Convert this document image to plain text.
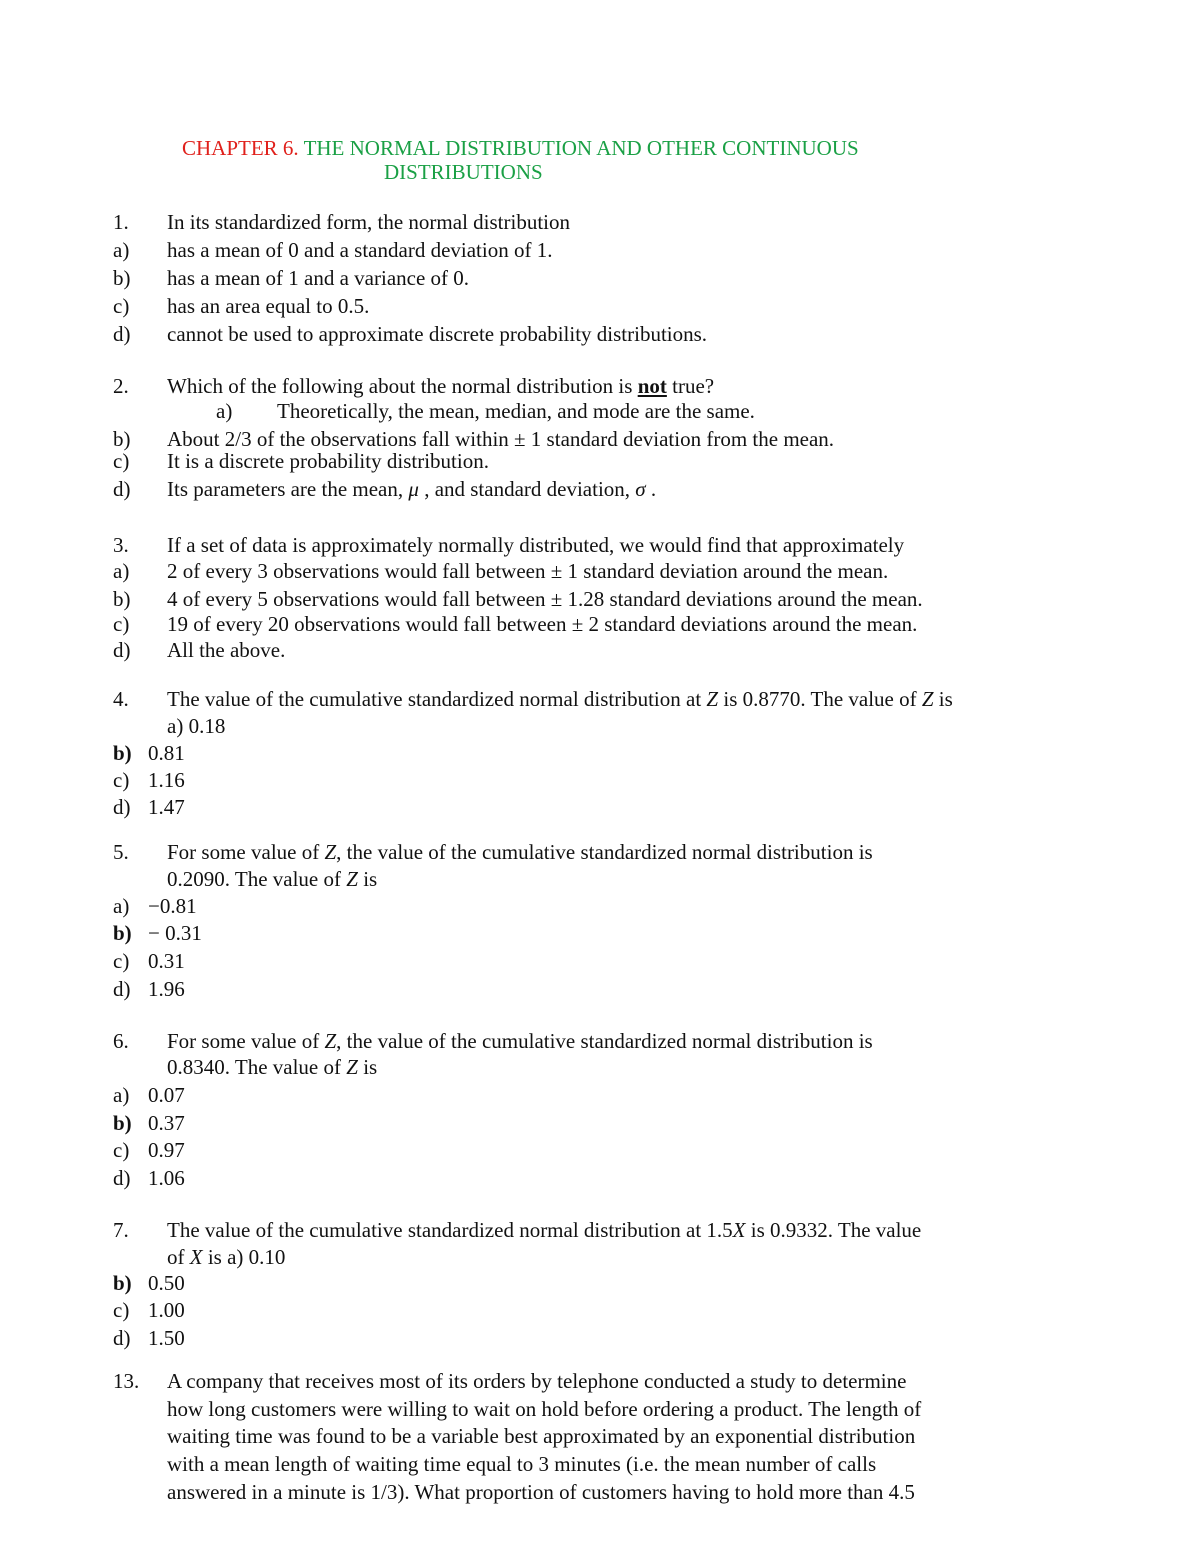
CHAPTER 6. THE NORMAL DISTRIBUTION AND OTHER CONTINUOUS
DISTRIBUTIONS
1. In its standardized form, the normal distribution
a) has a mean of 0 and a standard deviation of 1.
b) has a mean of 1 and a variance of 0.
c) has an area equal to 0.5.
d) cannot be used to approximate discrete probability distributions.
2. Which of the following about the normal distribution is not true?
a) Theoretically, the mean, median, and mode are the same.
b) About 2/3 of the observations fall within ± 1 standard deviation from the mean.
c) It is a discrete probability distribution.
d) Its parameters are the mean, μ , and standard deviation, σ .
3. If a set of data is approximately normally distributed, we would find that approximately
a) 2 of every 3 observations would fall between ± 1 standard deviation around the mean.
b) 4 of every 5 observations would fall between ± 1.28 standard deviations around the mean.
c) 19 of every 20 observations would fall between ± 2 standard deviations around the mean.
d) All the above.
4. The value of the cumulative standardized normal distribution at Z is 0.8770. The value of Z is
a) 0.18
b) 0.81
c) 1.16
d) 1.47
5. For some value of Z, the value of the cumulative standardized normal distribution is
0.2090. The value of Z is
a) −0.81
b) − 0.31
c) 0.31
d) 1.96
6. For some value of Z, the value of the cumulative standardized normal distribution is
0.8340. The value of Z is
a) 0.07
b) 0.37
c) 0.97
d) 1.06
7. The value of the cumulative standardized normal distribution at 1.5X is 0.9332. The value
of X is a) 0.10
b) 0.50
c) 1.00
d) 1.50
13. A company that receives most of its orders by telephone conducted a study to determine
how long customers were willing to wait on hold before ordering a product. The length of
waiting time was found to be a variable best approximated by an exponential distribution
with a mean length of waiting time equal to 3 minutes (i.e. the mean number of calls
answered in a minute is 1/3). What proportion of customers having to hold more than 4.5
